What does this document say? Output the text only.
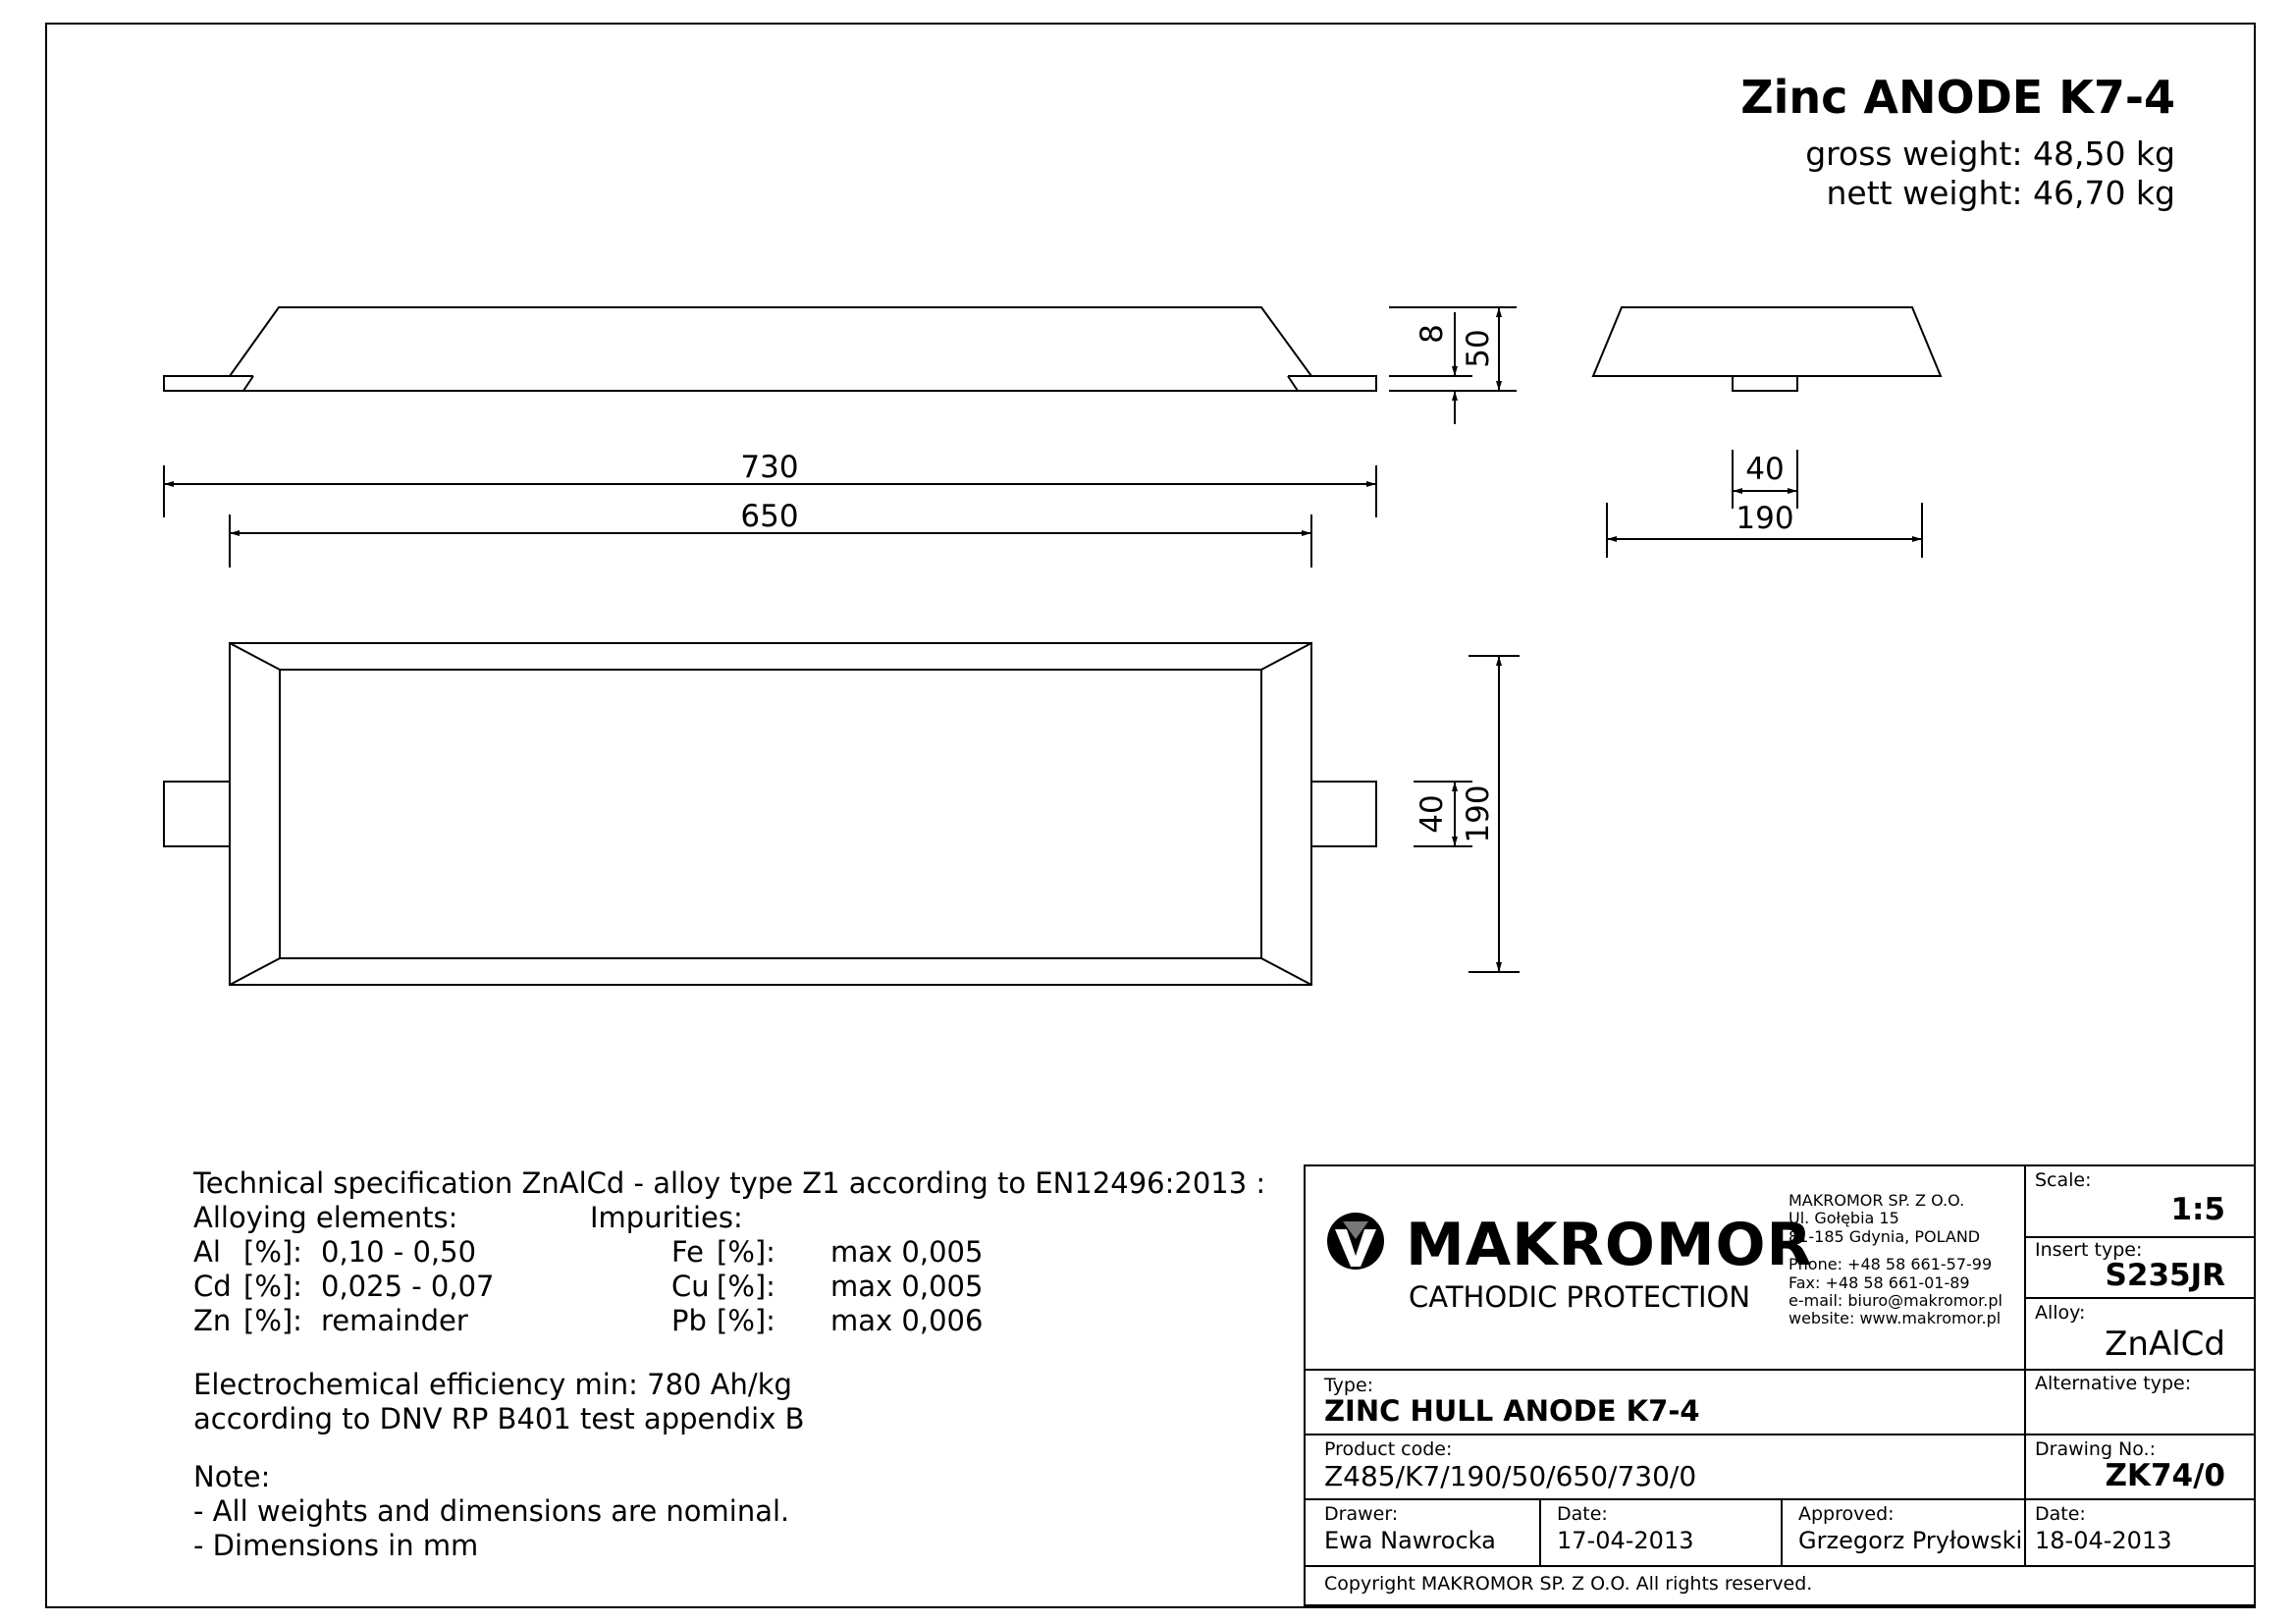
730
650
40
190
8 50
40 190
Zinc ANODE K7-4
gross weight: 48,50 kg
nett weight: 46,70 kg
Technical specification ZnAlCd - alloy type Z1 according to EN12496:2013 :
Alloying elements:	Impurities:
Al [%]: 0,10 - 0,50
Cd [%]: 0,025 - 0,07
Zn [%]: remainder
Fe [%]: max 0,005
Cu [%]: max 0,005
Pb [%]: max 0,006
Electrochemical efficiency min: 780 Ah/kg
according to DNV RP B401 test appendix B
Note:
- All weights and dimensions are nominal.
- Dimensions in mm
MAKROMOR
CATHODIC PROTECTION
MAKROMOR SP. Z O.O.
Ul. Gołębia 15
81-185 Gdynia, POLAND
Phone: +48 58 661-57-99
Fax: +48 58 661-01-89
e-mail: biuro@makromor.pl
website: www.makromor.pl
Scale:
1:5
Insert type:
S235JR
Alloy:
ZnAlCd
Type:
ZINC HULL ANODE K7-4
Alternative type:
Product code:
Z485/K7/190/50/650/730/0
Drawing No.:
ZK74/0
Drawer:
Ewa Nawrocka
Date:
17-04-2013
Approved:
Grzegorz Pryłowski
Date:
18-04-2013
Copyright MAKROMOR SP. Z O.O. All rights reserved.
